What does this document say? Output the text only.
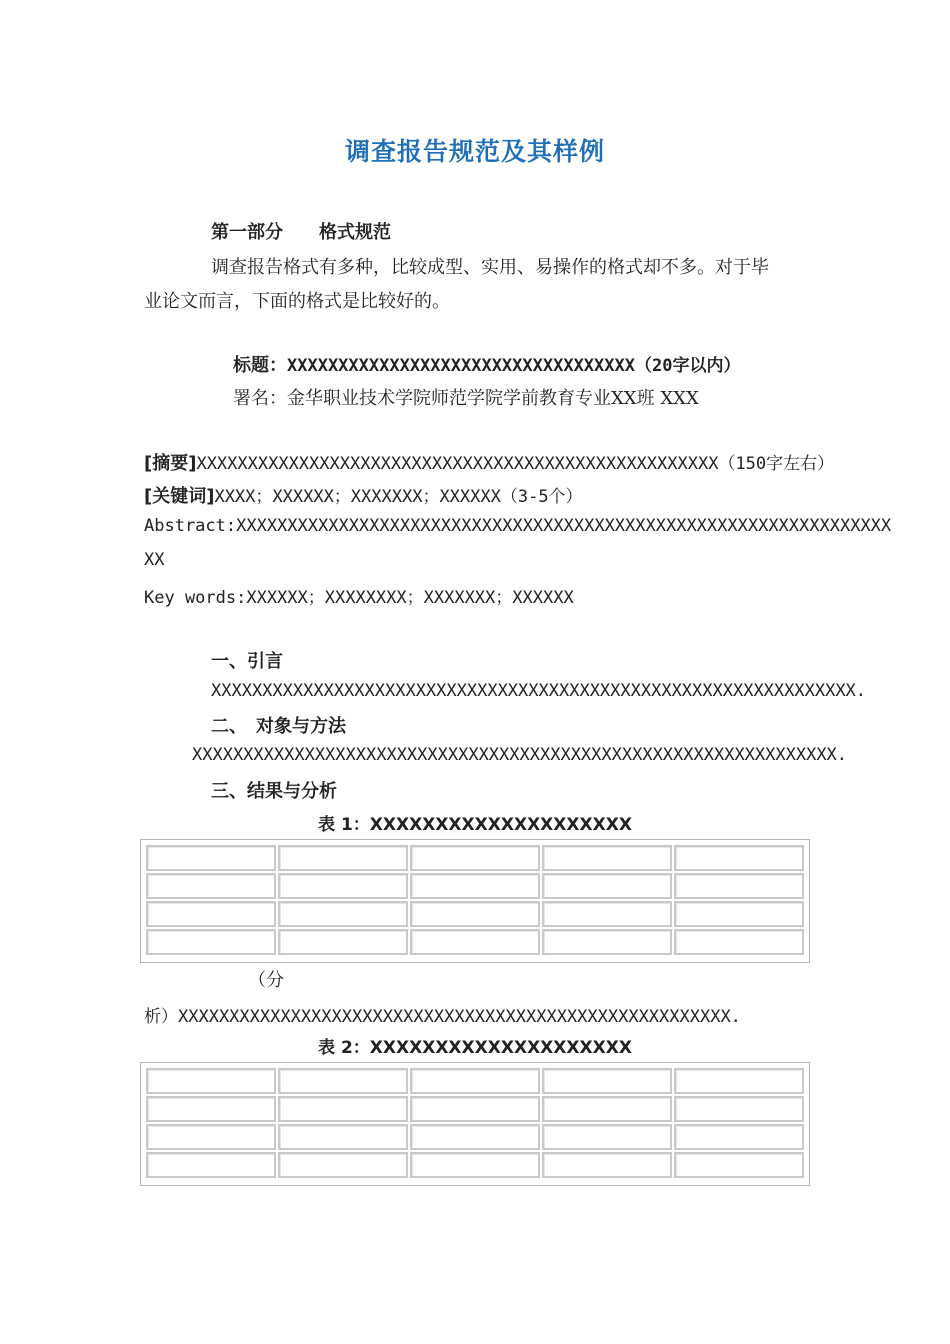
调查报告规范及其样例
第一部分　　格式规范
调查报告格式有多种，比较成型、实用、易操作的格式却不多。对于毕
业论文而言，下面的格式是比较好的。
标题：XXXXXXXXXXXXXXXXXXXXXXXXXXXXXXXXXX（20字以内）
署名：金华职业技术学院师范学院学前教育专业XX班 XXX
[摘要]XXXXXXXXXXXXXXXXXXXXXXXXXXXXXXXXXXXXXXXXXXXXXXXXXXX（150字左右）
[关键词]XXXX；XXXXXX；XXXXXXX；XXXXXX（3-5个）
Abstract:XXXXXXXXXXXXXXXXXXXXXXXXXXXXXXXXXXXXXXXXXXXXXXXXXXXXXXXXXXXXXXXX
XX
Key words:XXXXXX；XXXXXXXX；XXXXXXX；XXXXXX
一、引言
XXXXXXXXXXXXXXXXXXXXXXXXXXXXXXXXXXXXXXXXXXXXXXXXXXXXXXXXXXXXXXX.
二、　对象与方法
XXXXXXXXXXXXXXXXXXXXXXXXXXXXXXXXXXXXXXXXXXXXXXXXXXXXXXXXXXXXXXX.
三、结果与分析
表 1：XXXXXXXXXXXXXXXXXXXX

（分
析）XXXXXXXXXXXXXXXXXXXXXXXXXXXXXXXXXXXXXXXXXXXXXXXXXXXXXX.
表 2：XXXXXXXXXXXXXXXXXXXX
